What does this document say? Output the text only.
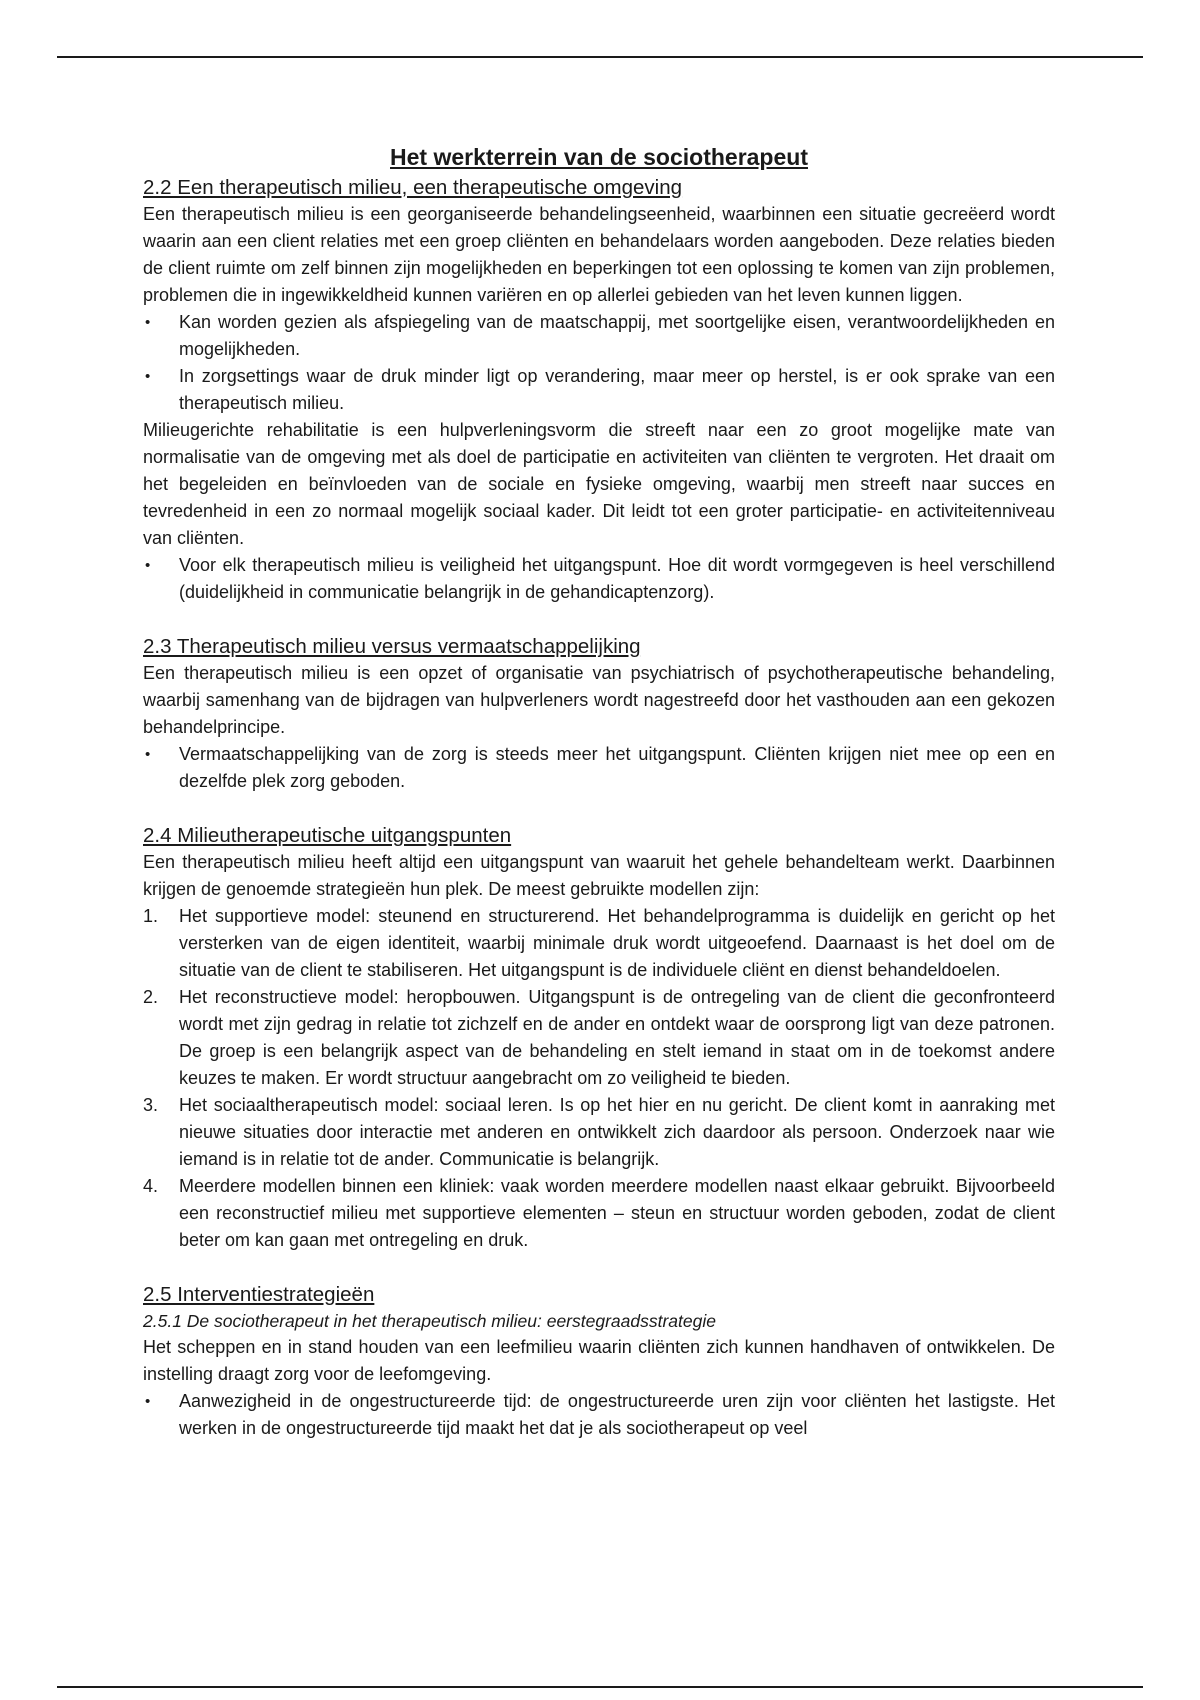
Het werkterrein van de sociotherapeut
2.2 Een therapeutisch milieu, een therapeutische omgeving
Een therapeutisch milieu is een georganiseerde behandelingseenheid, waarbinnen een situatie gecreëerd wordt waarin aan een client relaties met een groep cliënten en behandelaars worden aangeboden. Deze relaties bieden de client ruimte om zelf binnen zijn mogelijkheden en beperkingen tot een oplossing te komen van zijn problemen, problemen die in ingewikkeldheid kunnen variëren en op allerlei gebieden van het leven kunnen liggen.
•	Kan worden gezien als afspiegeling van de maatschappij, met soortgelijke eisen, verantwoordelijkheden en mogelijkheden.
•	In zorgsettings waar de druk minder ligt op verandering, maar meer op herstel, is er ook sprake van een therapeutisch milieu.
Milieugerichte rehabilitatie is een hulpverleningsvorm die streeft naar een zo groot mogelijke mate van normalisatie van de omgeving met als doel de participatie en activiteiten van cliënten te vergroten. Het draait om het begeleiden en beïnvloeden van de sociale en fysieke omgeving, waarbij men streeft naar succes en tevredenheid in een zo normaal mogelijk sociaal kader. Dit leidt tot een groter participatie- en activiteitenniveau van cliënten.
•	Voor elk therapeutisch milieu is veiligheid het uitgangspunt. Hoe dit wordt vormgegeven is heel verschillend (duidelijkheid in communicatie belangrijk in de gehandicaptenzorg).
2.3 Therapeutisch milieu versus vermaatschappelijking
Een therapeutisch milieu is een opzet of organisatie van psychiatrisch of psychotherapeutische behandeling, waarbij samenhang van de bijdragen van hulpverleners wordt nagestreefd door het vasthouden aan een gekozen behandelprincipe.
•	Vermaatschappelijking van de zorg is steeds meer het uitgangspunt. Cliënten krijgen niet mee op een en dezelfde plek zorg geboden.
2.4 Milieutherapeutische uitgangspunten
Een therapeutisch milieu heeft altijd een uitgangspunt van waaruit het gehele behandelteam werkt. Daarbinnen krijgen de genoemde strategieën hun plek. De meest gebruikte modellen zijn:
1.	Het supportieve model: steunend en structurerend. Het behandelprogramma is duidelijk en gericht op het versterken van de eigen identiteit, waarbij minimale druk wordt uitgeoefend. Daarnaast is het doel om de situatie van de client te stabiliseren. Het uitgangspunt is de individuele cliënt en dienst behandeldoelen.
2.	Het reconstructieve model: heropbouwen. Uitgangspunt is de ontregeling van de client die geconfronteerd wordt met zijn gedrag in relatie tot zichzelf en de ander en ontdekt waar de oorsprong ligt van deze patronen. De groep is een belangrijk aspect van de behandeling en stelt iemand in staat om in de toekomst andere keuzes te maken. Er wordt structuur aangebracht om zo veiligheid te bieden.
3.	Het sociaaltherapeutisch model: sociaal leren. Is op het hier en nu gericht. De client komt in aanraking met nieuwe situaties door interactie met anderen en ontwikkelt zich daardoor als persoon. Onderzoek naar wie iemand is in relatie tot de ander. Communicatie is belangrijk.
4.	Meerdere modellen binnen een kliniek: vaak worden meerdere modellen naast elkaar gebruikt. Bijvoorbeeld een reconstructief milieu met supportieve elementen – steun en structuur worden geboden, zodat de client beter om kan gaan met ontregeling en druk.
2.5 Interventiestrategieën
2.5.1 De sociotherapeut in het therapeutisch milieu: eerstegraadsstrategie
Het scheppen en in stand houden van een leefmilieu waarin cliënten zich kunnen handhaven of ontwikkelen. De instelling draagt zorg voor de leefomgeving.
•	Aanwezigheid in de ongestructureerde tijd: de ongestructureerde uren zijn voor cliënten het lastigste. Het werken in de ongestructureerde tijd maakt het dat je als sociotherapeut op veel
